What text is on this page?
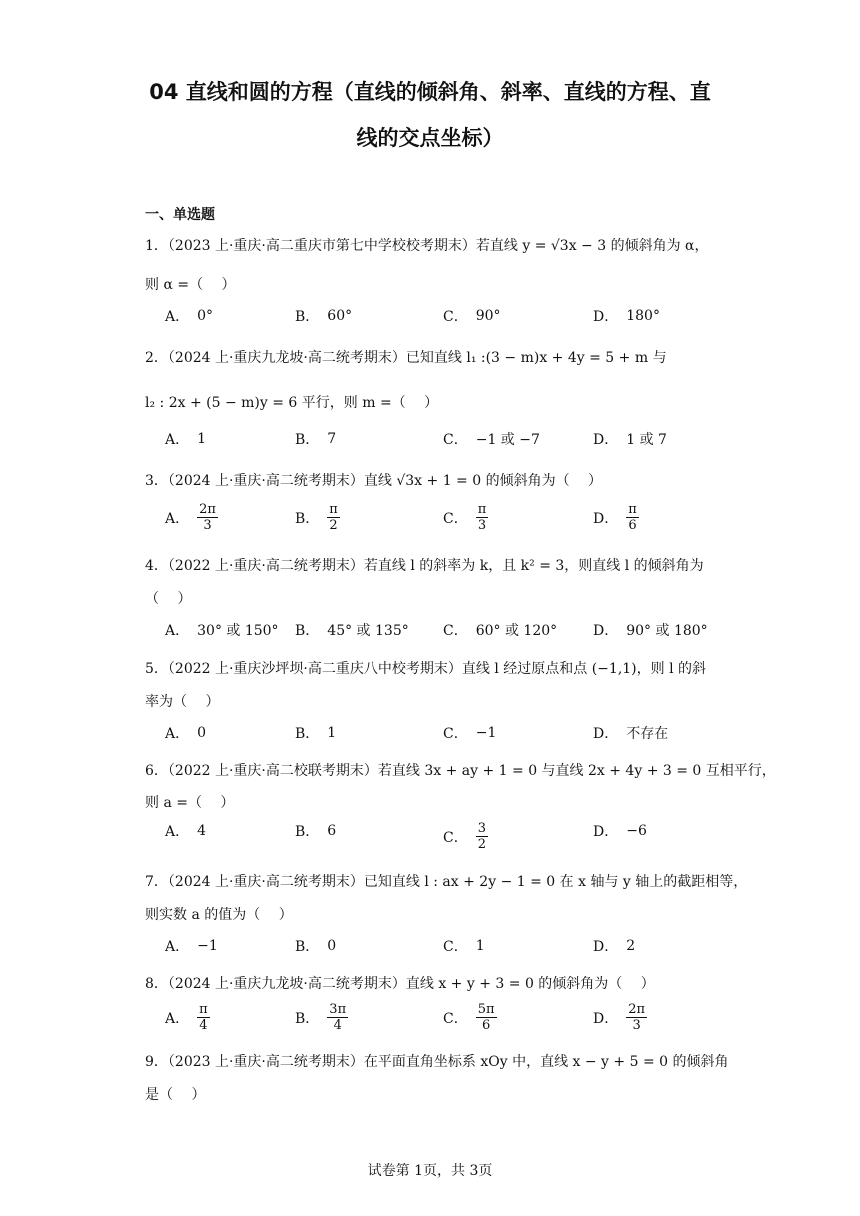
04 直线和圆的方程（直线的倾斜角、斜率、直线的方程、直
线的交点坐标）
一、单选题
1．（2023 上·重庆·高二重庆市第七中学校校考期末）若直线 y = √3x − 3 的倾斜角为 α，
则 α =（　 ）
A． 0°	B． 60°	C． 90°	D． 180°
2．（2024 上·重庆九龙坡·高二统考期末）已知直线 l₁ :(3 − m)x + 4y = 5 + m 与
l₂ : 2x + (5 − m)y = 6 平行，则 m =（　 ）
A． 1	B． 7	C． −1 或 −7	D． 1 或 7
3．（2024 上·重庆·高二统考期末）直线 √3x + 1 = 0 的倾斜角为（　 ）
A． $\frac{2\pi}{3}$	B． $\frac{\pi}{2}$	C． $\frac{\pi}{3}$	D． $\frac{\pi}{6}$
4．（2022 上·重庆·高二统考期末）若直线 l 的斜率为 k，且 k² = 3，则直线 l 的倾斜角为
（　 ）
A． 30° 或 150° B． 45° 或 135° C． 60° 或 120°	D． 90° 或 180°
5．（2022 上·重庆沙坪坝·高二重庆八中校考期末）直线 l 经过原点和点 (−1,1)，则 l 的斜
率为（　 ）
A． 0	B． 1	C． −1	D． 不存在
6．（2022 上·重庆·高二校联考期末）若直线 3x + ay + 1 = 0 与直线 2x + 4y + 3 = 0 互相平行，
则 a =（　 ）
A． 4	B． 6	C． $\frac{3}{2}$	D． −6
7．（2024 上·重庆·高二统考期末）已知直线 l : ax + 2y − 1 = 0 在 x 轴与 y 轴上的截距相等，
则实数 a 的值为（　 ）
A． −1	B． 0	C． 1	D． 2
8．（2024 上·重庆九龙坡·高二统考期末）直线 x + y + 3 = 0 的倾斜角为（　 ）
A． $\frac{\pi}{4}$	B． $\frac{3\pi}{4}$	C． $\frac{5\pi}{6}$	D． $\frac{2\pi}{3}$
9．（2023 上·重庆·高二统考期末）在平面直角坐标系 xOy 中，直线 x − y + 5 = 0 的倾斜角
是（　 ）
试卷第 1页，共 3页
